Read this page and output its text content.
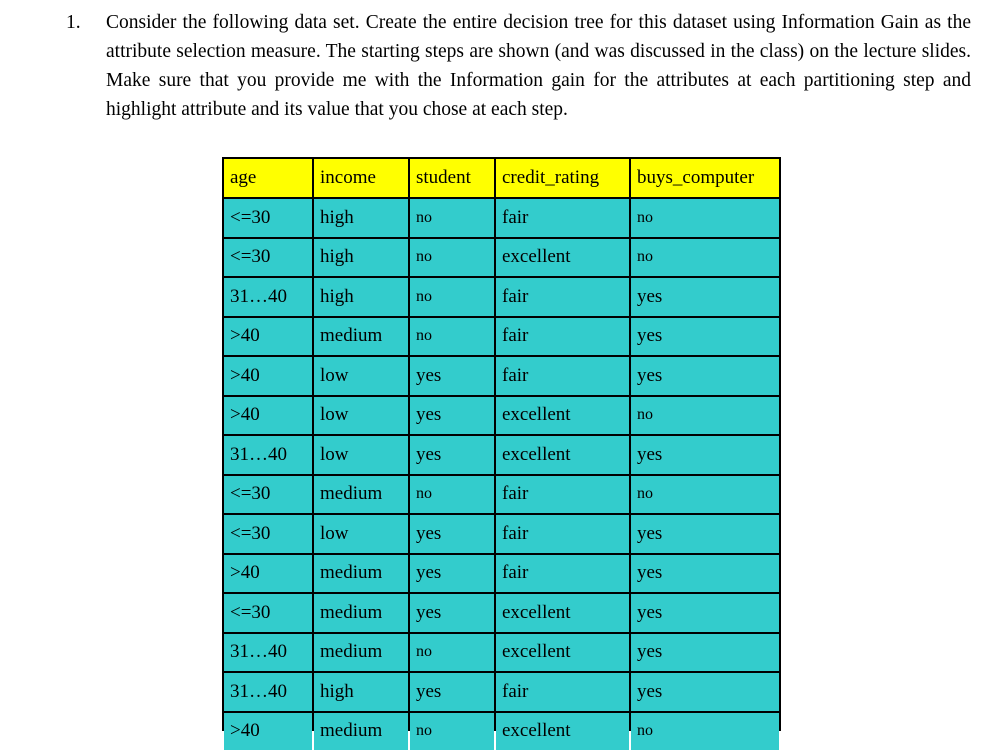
1. Consider the following data set. Create the entire decision tree for this dataset using Information Gain as the attribute selection measure. The starting steps are shown (and was discussed in the class) on the lecture slides. Make sure that you provide me with the Information gain for the attributes at each partitioning step and highlight attribute and its value that you chose at each step.
age	income	student	credit_rating	buys_computer
<=30	high	no	fair	no
<=30	high	no	excellent	no
31…40	high	no	fair	yes
>40	medium	no	fair	yes
>40	low	yes	fair	yes
>40	low	yes	excellent	no
31…40	low	yes	excellent	yes
<=30	medium	no	fair	no
<=30	low	yes	fair	yes
>40	medium	yes	fair	yes
<=30	medium	yes	excellent	yes
31…40	medium	no	excellent	yes
31…40	high	yes	fair	yes
>40	medium	no	excellent	no
